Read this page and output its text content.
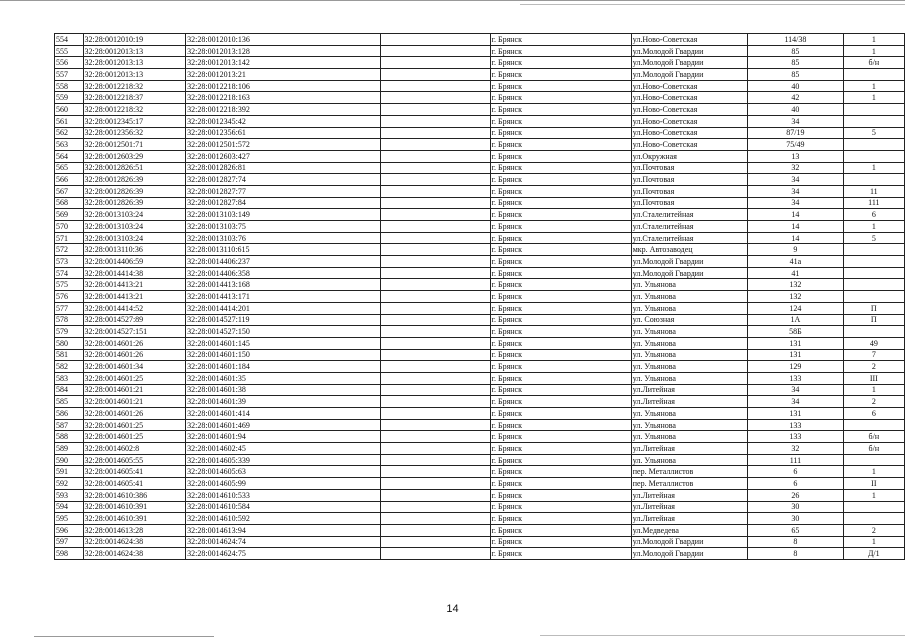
554	32:28:0012010:19	32:28:0012010:136		г. Брянск	ул.Ново-Советская	114/38	1
555	32:28:0012013:13	32:28:0012013:128		г. Брянск	ул.Молодой Гвардии	85	1
556	32:28:0012013:13	32:28:0012013:142		г. Брянск	ул.Молодой Гвардии	85	б/н
557	32:28:0012013:13	32:28:0012013:21		г. Брянск	ул.Молодой Гвардии	85	
558	32:28:0012218:32	32:28:0012218:106		г. Брянск	ул.Ново-Советская	40	1
559	32:28:0012218:37	32:28:0012218:163		г. Брянск	ул.Ново-Советская	42	1
560	32:28:0012218:32	32:28:0012218:392		г. Брянск	ул.Ново-Советская	40	
561	32:28:0012345:17	32:28:0012345:42		г. Брянск	ул.Ново-Советская	34	
562	32:28:0012356:32	32:28:0012356:61		г. Брянск	ул.Ново-Советская	87/19	5
563	32:28:0012501:71	32:28:0012501:572		г. Брянск	ул.Ново-Советская	75/49	
564	32:28:0012603:29	32:28:0012603:427		г. Брянск	ул.Окружная	13	
565	32:28:0012826:51	32:28:0012826:81		г. Брянск	ул.Почтовая	32	1
566	32:28:0012826:39	32:28:0012827:74		г. Брянск	ул.Почтовая	34	
567	32:28:0012826:39	32:28:0012827:77		г. Брянск	ул.Почтовая	34	11
568	32:28:0012826:39	32:28:0012827:84		г. Брянск	ул.Почтовая	34	111
569	32:28:0013103:24	32:28:0013103:149		г. Брянск	ул.Сталелитейная	14	6
570	32:28:0013103:24	32:28:0013103:75		г. Брянск	ул.Сталелитейная	14	1
571	32:28:0013103:24	32:28:0013103:76		г. Брянск	ул.Сталелитейная	14	5
572	32:28:0013110:36	32:28:0013110:615		г. Брянск	мкр. Автозаводец	9	
573	32:28:0014406:59	32:28:0014406:237		г. Брянск	ул.Молодой Гвардии	41а	
574	32:28:0014414:38	32:28:0014406:358		г. Брянск	ул.Молодой Гвардии	41	
575	32:28:0014413:21	32:28:0014413:168		г. Брянск	ул. Ульянова	132	
576	32:28:0014413:21	32:28:0014413:171		г. Брянск	ул. Ульянова	132	
577	32:28:0014414:52	32:28:0014414:201		г. Брянск	ул. Ульянова	124	П
578	32:28:0014527:89	32:28:0014527:119		г. Брянск	ул. Союзная	1А	П
579	32:28:0014527:151	32:28:0014527:150		г. Брянск	ул. Ульянова	58Б	
580	32:28:0014601:26	32:28:0014601:145		г. Брянск	ул. Ульянова	131	49
581	32:28:0014601:26	32:28:0014601:150		г. Брянск	ул. Ульянова	131	7
582	32:28:0014601:34	32:28:0014601:184		г. Брянск	ул. Ульянова	129	2
583	32:28:0014601:25	32:28:0014601:35		г. Брянск	ул. Ульянова	133	III
584	32:28:0014601:21	32:28:0014601:38		г. Брянск	ул.Литейная	34	1
585	32:28:0014601:21	32:28:0014601:39		г. Брянск	ул.Литейная	34	2
586	32:28:0014601:26	32:28:0014601:414		г. Брянск	ул. Ульянова	131	6
587	32:28:0014601:25	32:28:0014601:469		г. Брянск	ул. Ульянова	133	
588	32:28:0014601:25	32:28:0014601:94		г. Брянск	ул. Ульянова	133	б/н
589	32:28:0014602:8	32:28:0014602:45		г. Брянск	ул.Литейная	32	б/н
590	32:28:0014605:55	32:28:0014605:339		г. Брянск	ул. Ульянова	111	
591	32:28:0014605:41	32:28:0014605:63		г. Брянск	пер. Металлистов	6	1
592	32:28:0014605:41	32:28:0014605:99		г. Брянск	пер. Металлистов	6	II
593	32:28:0014610:386	32:28:0014610:533		г. Брянск	ул.Литейная	26	1
594	32:28:0014610:391	32:28:0014610:584		г. Брянск	ул.Литейная	30	
595	32:28:0014610:391	32:28:0014610:592		г. Брянск	ул.Литейная	30	
596	32:28:0014613:28	32:28:0014613:94		г. Брянск	ул.Медведева	65	2
597	32:28:0014624:38	32:28:0014624:74		г. Брянск	ул.Молодой Гвардии	8	1
598	32:28:0014624:38	32:28:0014624:75		г. Брянск	ул.Молодой Гвардии	8	Д/1
14
